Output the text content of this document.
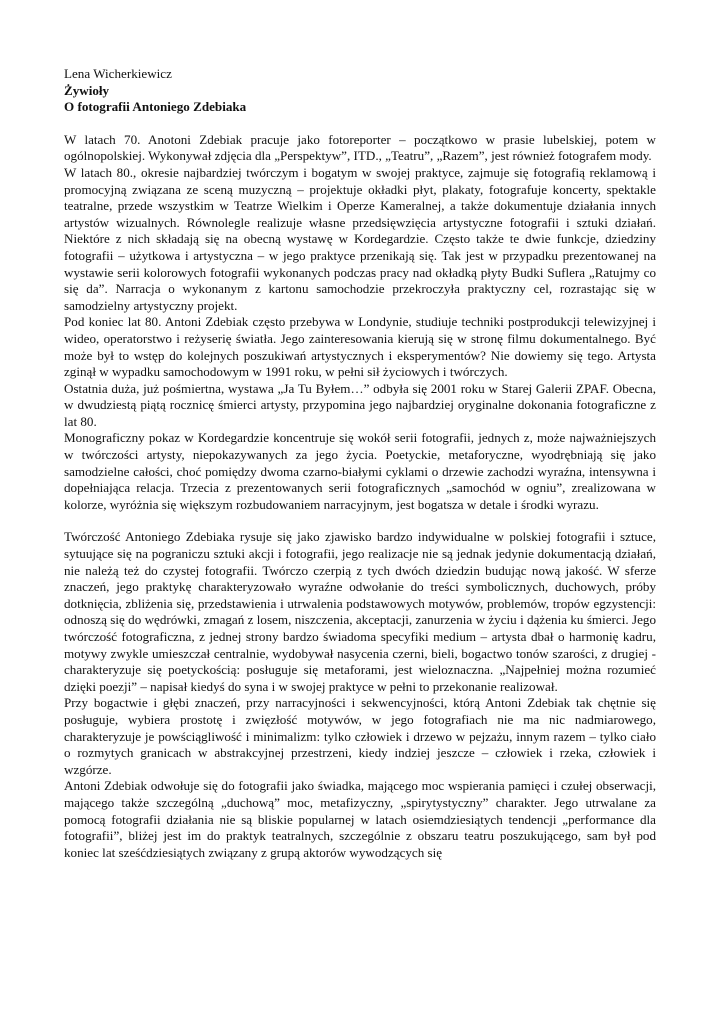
Lena Wicherkiewicz
Żywioły
O fotografii Antoniego Zdebiaka
W latach 70. Anotoni Zdebiak pracuje jako fotoreporter – początkowo w prasie lubelskiej, potem w ogólnopolskiej. Wykonywał zdjęcia dla „Perspektyw”, ITD., „Teatru”, „Razem”, jest również fotografem mody.
W latach 80., okresie najbardziej twórczym i bogatym w swojej praktyce, zajmuje się fotografią reklamową i promocyjną związana ze sceną muzyczną – projektuje okładki płyt, plakaty, fotografuje koncerty, spektakle teatralne, przede wszystkim w Teatrze Wielkim i Operze Kameralnej, a także dokumentuje działania innych artystów wizualnych. Równolegle realizuje własne przedsięwzięcia artystyczne fotografii i sztuki działań. Niektóre z nich składają się na obecną wystawę w Kordegardzie. Często także te dwie funkcje, dziedziny fotografii – użytkowa i artystyczna – w jego praktyce przenikają się. Tak jest w przypadku prezentowanej na wystawie serii kolorowych fotografii wykonanych podczas pracy nad okładką płyty Budki Suflera „Ratujmy co się da”. Narracja o wykonanym z kartonu samochodzie przekroczyła praktyczny cel, rozrastając się w samodzielny artystyczny projekt.
Pod koniec lat 80. Antoni Zdebiak często przebywa w Londynie, studiuje techniki postprodukcji telewizyjnej i wideo, operatorstwo i reżyserię światła. Jego zainteresowania kierują się w stronę filmu dokumentalnego. Być może był to wstęp do kolejnych poszukiwań artystycznych i eksperymentów? Nie dowiemy się tego. Artysta zginął w wypadku samochodowym w 1991 roku, w pełni sił życiowych i twórczych.
Ostatnia duża, już pośmiertna, wystawa „Ja Tu Byłem…” odbyła się 2001 roku w Starej Galerii ZPAF. Obecna, w dwudziestą piątą rocznicę śmierci artysty, przypomina jego najbardziej oryginalne dokonania fotograficzne z lat 80.
Monograficzny pokaz w Kordegardzie koncentruje się wokół serii fotografii, jednych z, może najważniejszych w twórczości artysty, niepokazywanych za jego życia. Poetyckie, metaforyczne, wyodrębniają się jako samodzielne całości, choć pomiędzy dwoma czarno-białymi cyklami o drzewie zachodzi wyraźna, intensywna i dopełniająca relacja. Trzecia z prezentowanych serii fotograficznych „samochód w ogniu”, zrealizowana w kolorze, wyróżnia się większym rozbudowaniem narracyjnym, jest bogatsza w detale i środki wyrazu.
Twórczość Antoniego Zdebiaka rysuje się jako zjawisko bardzo indywidualne w polskiej fotografii i sztuce, sytuujące się na pograniczu sztuki akcji i fotografii, jego realizacje nie są jednak jedynie dokumentacją działań, nie należą też do czystej fotografii. Twórczo czerpią z tych dwóch dziedzin budując nową jakość. W sferze znaczeń, jego praktykę charakteryzowało wyraźne odwołanie do treści symbolicznych, duchowych, próby dotknięcia, zbliżenia się, przedstawienia i utrwalenia podstawowych motywów, problemów, tropów egzystencji: odnoszą się do wędrówki, zmagań z losem, niszczenia, akceptacji, zanurzenia w życiu i dążenia ku śmierci. Jego twórczość fotograficzna, z jednej strony bardzo świadoma specyfiki medium – artysta dbał o harmonię kadru, motywy zwykle umieszczał centralnie, wydobywał nasycenia czerni, bieli, bogactwo tonów szarości, z drugiej - charakteryzuje się poetyckością: posługuje się metaforami, jest wieloznaczna. „Najpełniej można rozumieć dzięki poezji” – napisał kiedyś do syna i w swojej praktyce w pełni to przekonanie realizował.
Przy bogactwie i głębi znaczeń, przy narracyjności i sekwencyjności, którą Antoni Zdebiak tak chętnie się posługuje, wybiera prostotę i zwięzłość motywów, w jego fotografiach nie ma nic nadmiarowego, charakteryzuje je powściągliwość i minimalizm: tylko człowiek i drzewo w pejzażu, innym razem – tylko ciało o rozmytych granicach w abstrakcyjnej przestrzeni, kiedy indziej jeszcze – człowiek i rzeka, człowiek i wzgórze.
Antoni Zdebiak odwołuje się do fotografii jako świadka, mającego moc wspierania pamięci i czułej obserwacji, mającego także szczególną „duchową” moc, metafizyczny, „spirytystyczny” charakter. Jego utrwalane za pomocą fotografii działania nie są bliskie popularnej w latach osiemdziesiątych tendencji „performance dla fotografii”, bliżej jest im do praktyk teatralnych, szczególnie z obszaru teatru poszukującego, sam był pod koniec lat sześćdziesiątych związany z grupą aktorów wywodzących się
